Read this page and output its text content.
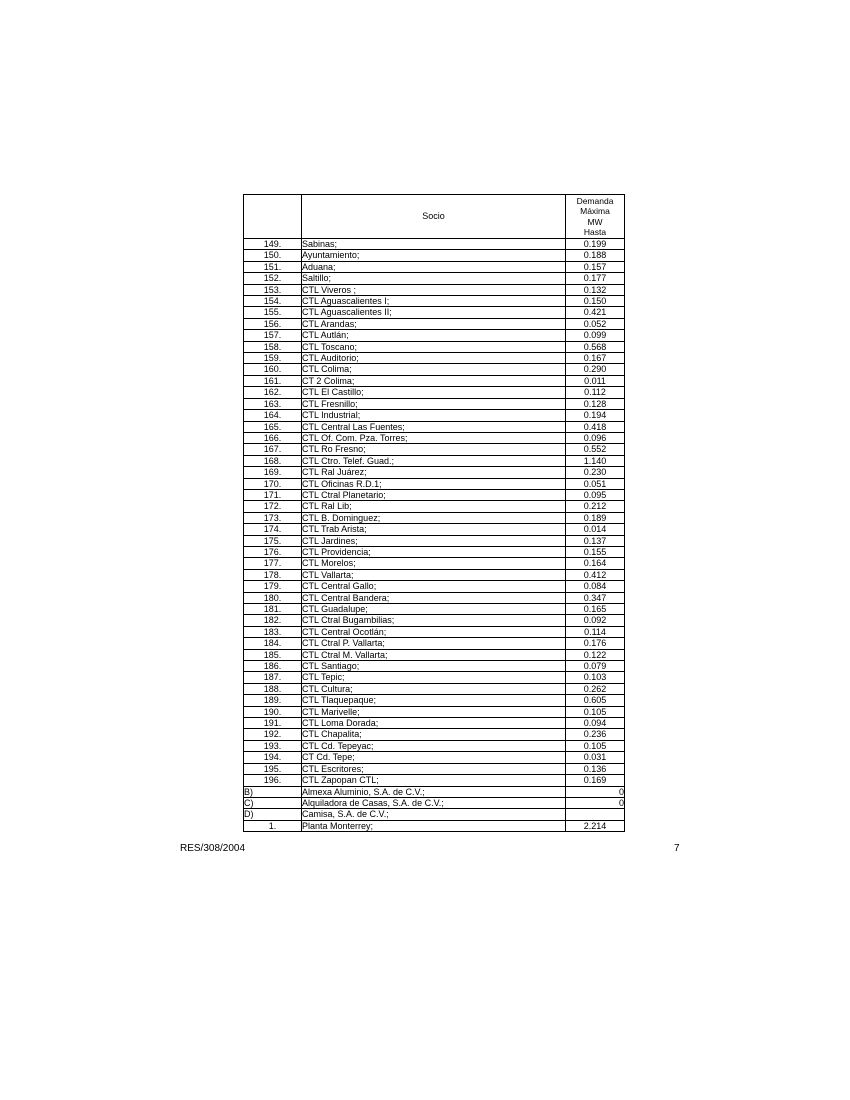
	Socio	Demanda
Máxima
MW
Hasta

149.	Sabinas;	0.199
150.	Ayuntamiento;	0.188
151.	Aduana;	0.157
152.	Saltillo;	0.177
153.	CTL Viveros ;	0.132
154.	CTL Aguascalientes I;	0.150
155.	CTL Aguascalientes II;	0.421
156.	CTL Arandas;	0.052
157.	CTL Autlán;	0.099
158.	CTL Toscano;	0.568
159.	CTL Auditorio;	0.167
160.	CTL Colima;	0.290
161.	CT 2 Colima;	0.011
162.	CTL El Castillo;	0.112
163.	CTL Fresnillo;	0.128
164.	CTL Industrial;	0.194
165.	CTL Central Las Fuentes;	0.418
166.	CTL Of. Com. Pza. Torres;	0.096
167.	CTL Ro Fresno;	0.552
168.	CTL Ctro. Telef. Guad.;	1.140
169.	CTL Ral Juárez;	0.230
170.	CTL Oficinas R.D.1;	0.051
171.	CTL Ctral Planetario;	0.095
172.	CTL Ral Lib;	0.212
173.	CTL B. Dominguez;	0.189
174.	CTL Trab Arista;	0.014
175.	CTL Jardines;	0.137
176.	CTL Providencia;	0.155
177.	CTL Morelos;	0.164
178.	CTL Vallarta;	0.412
179.	CTL Central Gallo;	0.084
180.	CTL Central Bandera;	0.347
181.	CTL Guadalupe;	0.165
182.	CTL Ctral Bugambilias;	0.092
183.	CTL Central Ocotlán;	0.114
184.	CTL Ctral P. Vallarta;	0.176
185.	CTL Ctral M. Vallarta;	0.122
186.	CTL Santiago;	0.079
187.	CTL Tepic;	0.103
188.	CTL Cultura;	0.262
189.	CTL Tlaquepaque;	0.605
190.	CTL Marivelle;	0.105
191.	CTL Loma Dorada;	0.094
192.	CTL Chapalita;	0.236
193.	CTL Cd. Tepeyac;	0.105
194.	CT Cd. Tepe;	0.031
195.	CTL Escritores;	0.136
196.	CTL Zapopan CTL;	0.169
B)	Almexa Aluminio, S.A. de C.V.;	0
C)	Alquiladora de Casas, S.A. de C.V.;	0
D)	Camisa, S.A. de C.V.;	
1.	Planta Monterrey;	2.214
RES/308/2004	7
